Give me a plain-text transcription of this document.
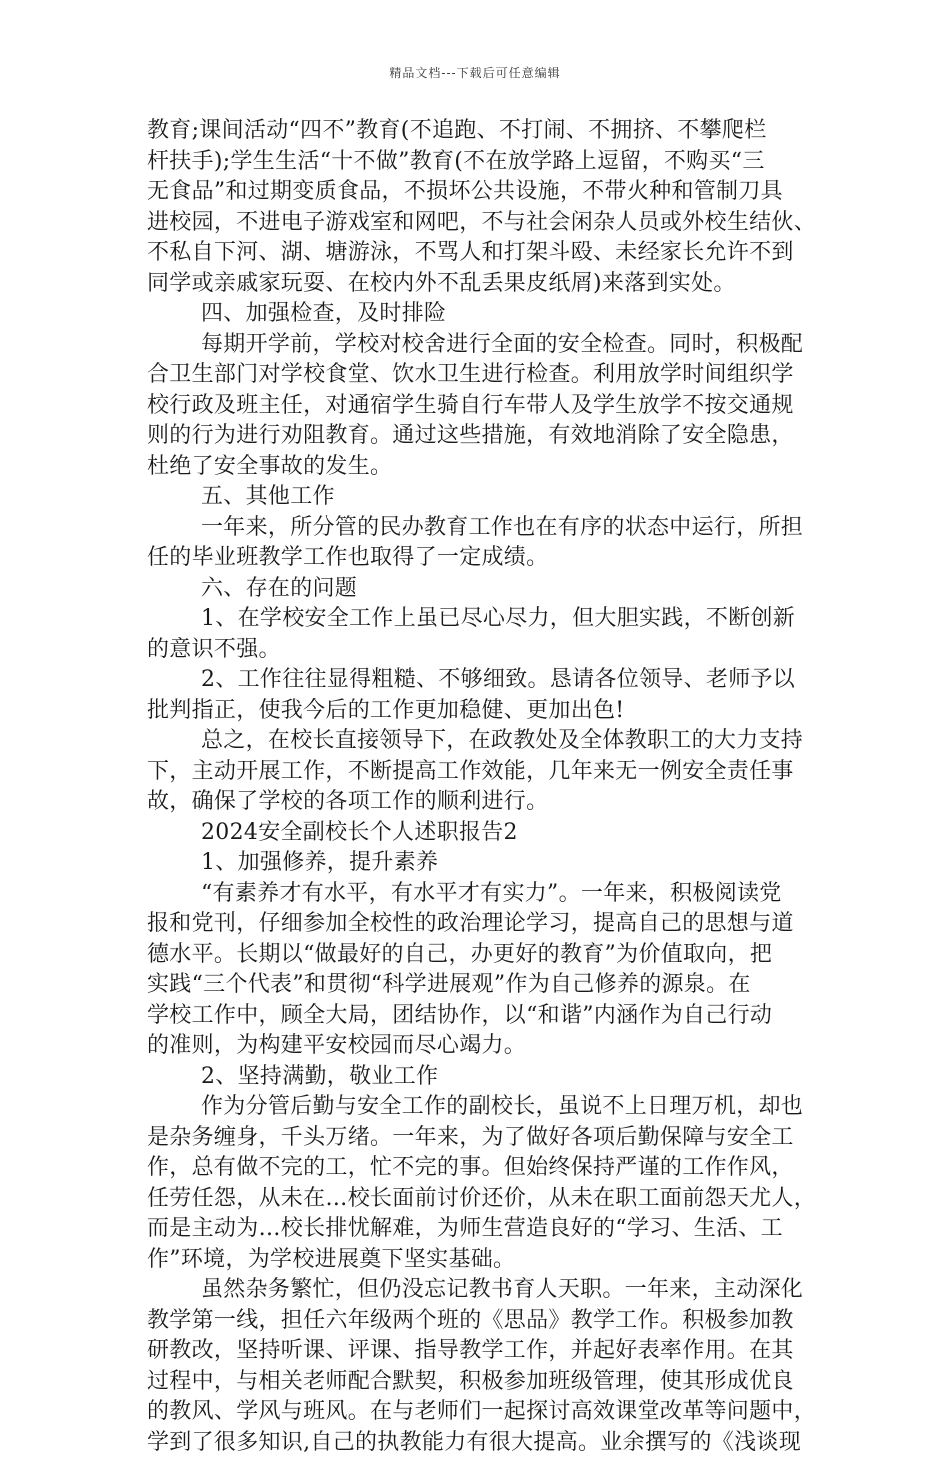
精品文档---下载后可任意编辑
教育;课间活动“四不”教育(不追跑、不打闹、不拥挤、不攀爬栏
杆扶手);学生生活“十不做”教育(不在放学路上逗留，不购买“三
无食品”和过期变质食品，不损坏公共设施，不带火种和管制刀具
进校园，不进电子游戏室和网吧，不与社会闲杂人员或外校生结伙、
不私自下河、湖、塘游泳，不骂人和打架斗殴、未经家长允许不到
同学或亲戚家玩耍、在校内外不乱丢果皮纸屑)来落到实处。
四、加强检查，及时排险
每期开学前，学校对校舍进行全面的安全检查。同时，积极配
合卫生部门对学校食堂、饮水卫生进行检查。利用放学时间组织学
校行政及班主任，对通宿学生骑自行车带人及学生放学不按交通规
则的行为进行劝阻教育。通过这些措施，有效地消除了安全隐患，
杜绝了安全事故的发生。
五、其他工作
一年来，所分管的民办教育工作也在有序的状态中运行，所担
任的毕业班教学工作也取得了一定成绩。
六、存在的问题
1、在学校安全工作上虽已尽心尽力，但大胆实践，不断创新
的意识不强。
2、工作往往显得粗糙、不够细致。恳请各位领导、老师予以
批判指正，使我今后的工作更加稳健、更加出色!
总之，在校长直接领导下，在政教处及全体教职工的大力支持
下，主动开展工作，不断提高工作效能，几年来无一例安全责任事
故，确保了学校的各项工作的顺利进行。
2024安全副校长个人述职报告2
1、加强修养，提升素养
“有素养才有水平，有水平才有实力”。一年来，积极阅读党
报和党刊，仔细参加全校性的政治理论学习，提高自己的思想与道
德水平。长期以“做最好的自己，办更好的教育”为价值取向，把
实践“三个代表”和贯彻“科学进展观”作为自己修养的源泉。在
学校工作中，顾全大局，团结协作，以“和谐”内涵作为自己行动
的准则，为构建平安校园而尽心竭力。
2、坚持满勤，敬业工作
作为分管后勤与安全工作的副校长，虽说不上日理万机，却也
是杂务缠身，千头万绪。一年来，为了做好各项后勤保障与安全工
作，总有做不完的工，忙不完的事。但始终保持严谨的工作作风，
任劳任怨，从未在…校长面前讨价还价，从未在职工面前怨天尤人，
而是主动为…校长排忧解难，为师生营造良好的“学习、生活、工
作”环境，为学校进展奠下坚实基础。
虽然杂务繁忙，但仍没忘记教书育人天职。一年来，主动深化
教学第一线，担任六年级两个班的《思品》教学工作。积极参加教
研教改，坚持听课、评课、指导教学工作，并起好表率作用。在其
过程中，与相关老师配合默契，积极参加班级管理，使其形成优良
的教风、学风与班风。在与老师们一起探讨高效课堂改革等问题中，
学到了很多知识,自己的执教能力有很大提高。业余撰写的《浅谈现
